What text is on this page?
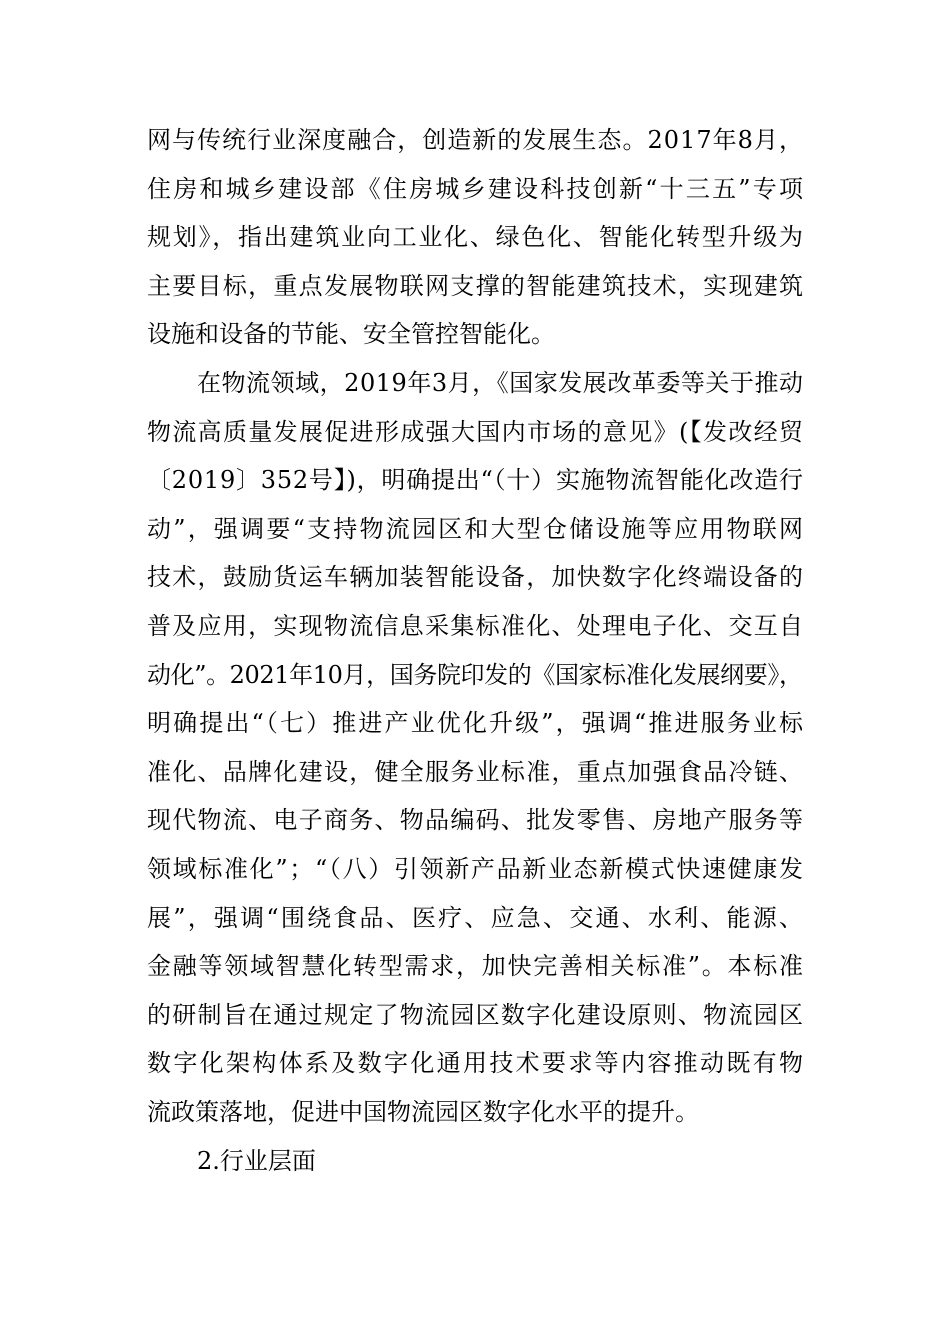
网与传统行业深度融合，创造新的发展生态。2017年8月，
住房和城乡建设部《住房城乡建设科技创新“十三五”专项
规划》，指出建筑业向工业化、绿色化、智能化转型升级为
主要目标，重点发展物联网支撑的智能建筑技术，实现建筑
设施和设备的节能、安全管控智能化。
在物流领域，2019年3月，《国家发展改革委等关于推动
物流高质量发展促进形成强大国内市场的意见》(【发改经贸
〔2019〕352号】)，明确提出“（十）实施物流智能化改造行
动”，强调要“支持物流园区和大型仓储设施等应用物联网
技术，鼓励货运车辆加装智能设备，加快数字化终端设备的
普及应用，实现物流信息采集标准化、处理电子化、交互自
动化”。2021年10月，国务院印发的《国家标准化发展纲要》，
明确提出“（七）推进产业优化升级”，强调“推进服务业标
准化、品牌化建设，健全服务业标准，重点加强食品冷链、
现代物流、电子商务、物品编码、批发零售、房地产服务等
领域标准化”；“（八）引领新产品新业态新模式快速健康发
展”，强调“围绕食品、医疗、应急、交通、水利、能源、
金融等领域智慧化转型需求，加快完善相关标准”。本标准
的研制旨在通过规定了物流园区数字化建设原则、物流园区
数字化架构体系及数字化通用技术要求等内容推动既有物
流政策落地，促进中国物流园区数字化水平的提升。
2.行业层面
